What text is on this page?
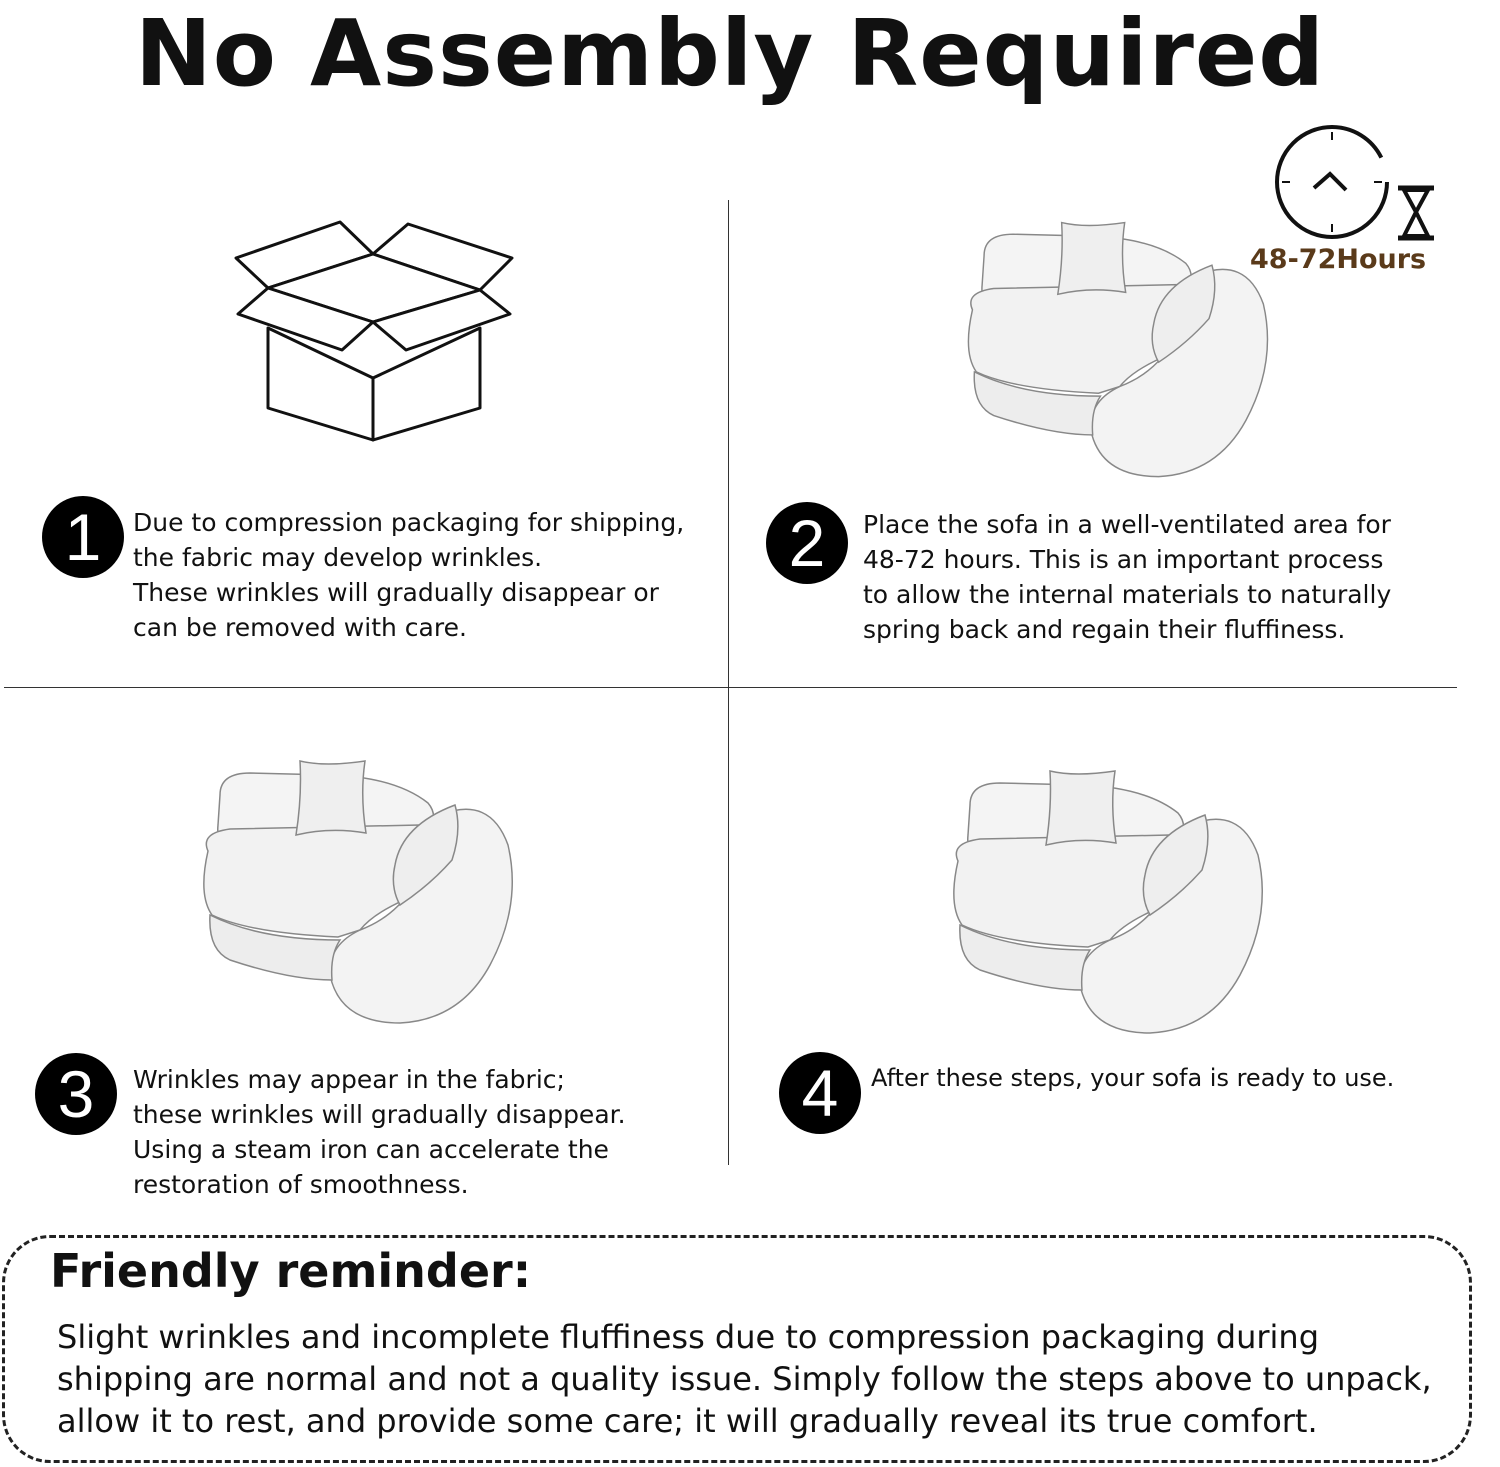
No Assembly Required
48-72Hours
1	Due to compression packaging for shipping,
the fabric may develop wrinkles.
These wrinkles will gradually disappear or
can be removed with care.
2	Place the sofa in a well-ventilated area for
48-72 hours. This is an important process
to allow the internal materials to naturally
spring back and regain their fluffiness.
3	Wrinkles may appear in the fabric;
these wrinkles will gradually disappear.
Using a steam iron can accelerate the
restoration of smoothness.
4	After these steps, your sofa is ready to use.
Friendly reminder:
Slight wrinkles and incomplete fluffiness due to compression packaging during
shipping are normal and not a quality issue. Simply follow the steps above to unpack,
allow it to rest, and provide some care; it will gradually reveal its true comfort.
